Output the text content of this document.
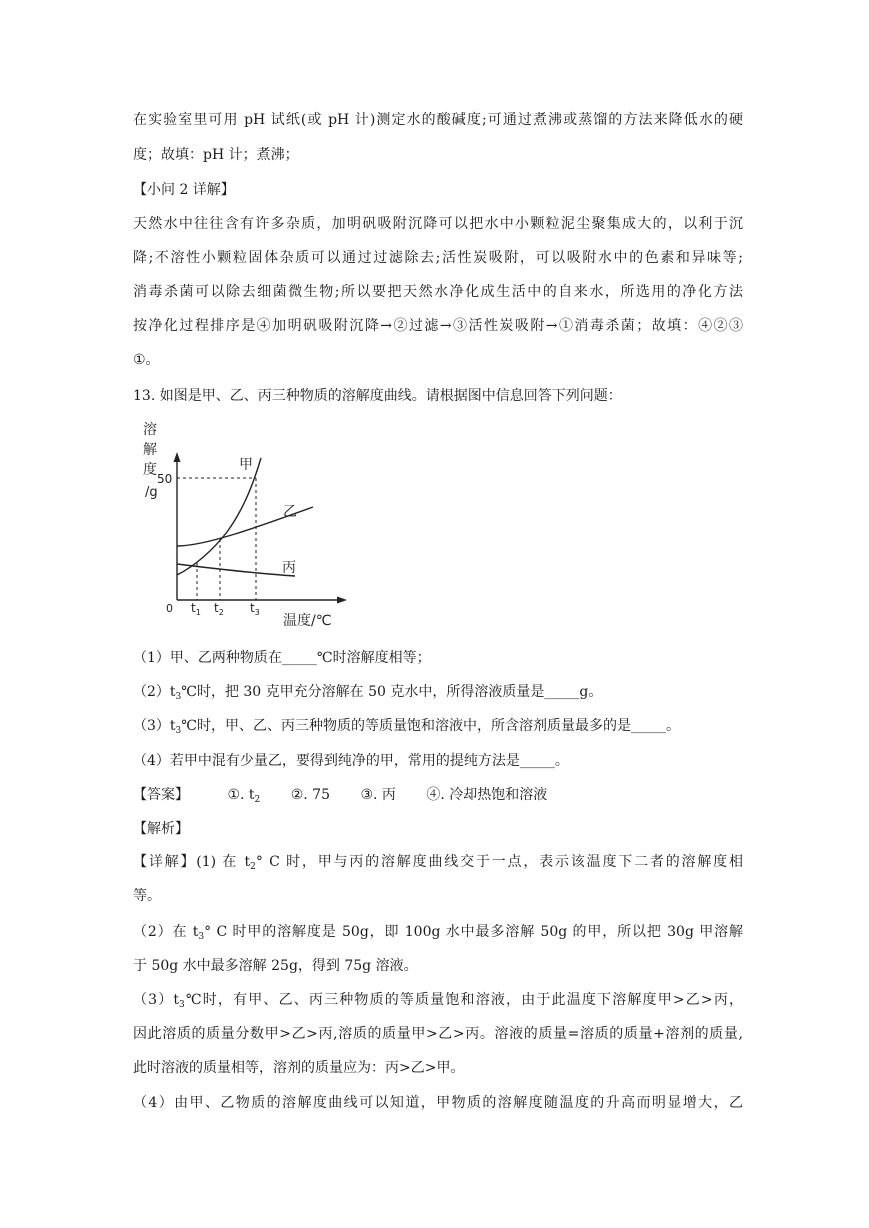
在实验室里可用 pH 试纸(或 pH 计)测定水的酸碱度;可通过煮沸或蒸馏的方法来降低水的硬
度；故填：pH 计；煮沸；
【小问 2 详解】
天然水中往往含有许多杂质，加明矾吸附沉降可以把水中小颗粒泥尘聚集成大的，以利于沉
降;不溶性小颗粒固体杂质可以通过过滤除去;活性炭吸附，可以吸附水中的色素和异味等;
消毒杀菌可以除去细菌微生物;所以要把天然水净化成生活中的自来水，所选用的净化方法
按净化过程排序是④加明矾吸附沉降→②过滤→③活性炭吸附→①消毒杀菌；故填：④②③
①。
13. 如图是甲、乙、丙三种物质的溶解度曲线。请根据图中信息回答下列问题：
溶
解
度
/g
50
甲
乙
丙
0 $t_1$ $t_2$ $t_3$
温度/℃
（1）甲、乙两种物质在_____℃时溶解度相等；
$(2)t_3℃$时，把 30 克甲充分溶解在 50 克水中，所得溶液质量是_____g。
$(3)t_3℃$时，甲、乙、丙三种物质的等质量饱和溶液中，所含溶剂质量最多的是_____。
（4）若甲中混有少量乙，要得到纯净的甲，常用的提纯方法是_____。
【答案】	①. $t_2$ ②. 75 ③. 丙 ④. 冷却热饱和溶液
【解析】
【详解】(1) 在 $t_2^\circ$ C 时，甲与丙的溶解度曲线交于一点，表示该温度下二者的溶解度相
等。
（2）在 $t_3^\circ$ C 时甲的溶解度是 50g，即 100g 水中最多溶解 50g 的甲，所以把 30g 甲溶解
于 50g 水中最多溶解 25g，得到 75g 溶液。
$(3)t_3℃$时，有甲、乙、丙三种物质的等质量饱和溶液，由于此温度下溶解度甲>乙>丙，
因此溶质的质量分数甲>乙>丙,溶质的质量甲>乙>丙。溶液的质量=溶质的质量+溶剂的质量,
此时溶液的质量相等，溶剂的质量应为：丙>乙>甲。
（4）由甲、乙物质的溶解度曲线可以知道，甲物质的溶解度随温度的升高而明显增大，乙
